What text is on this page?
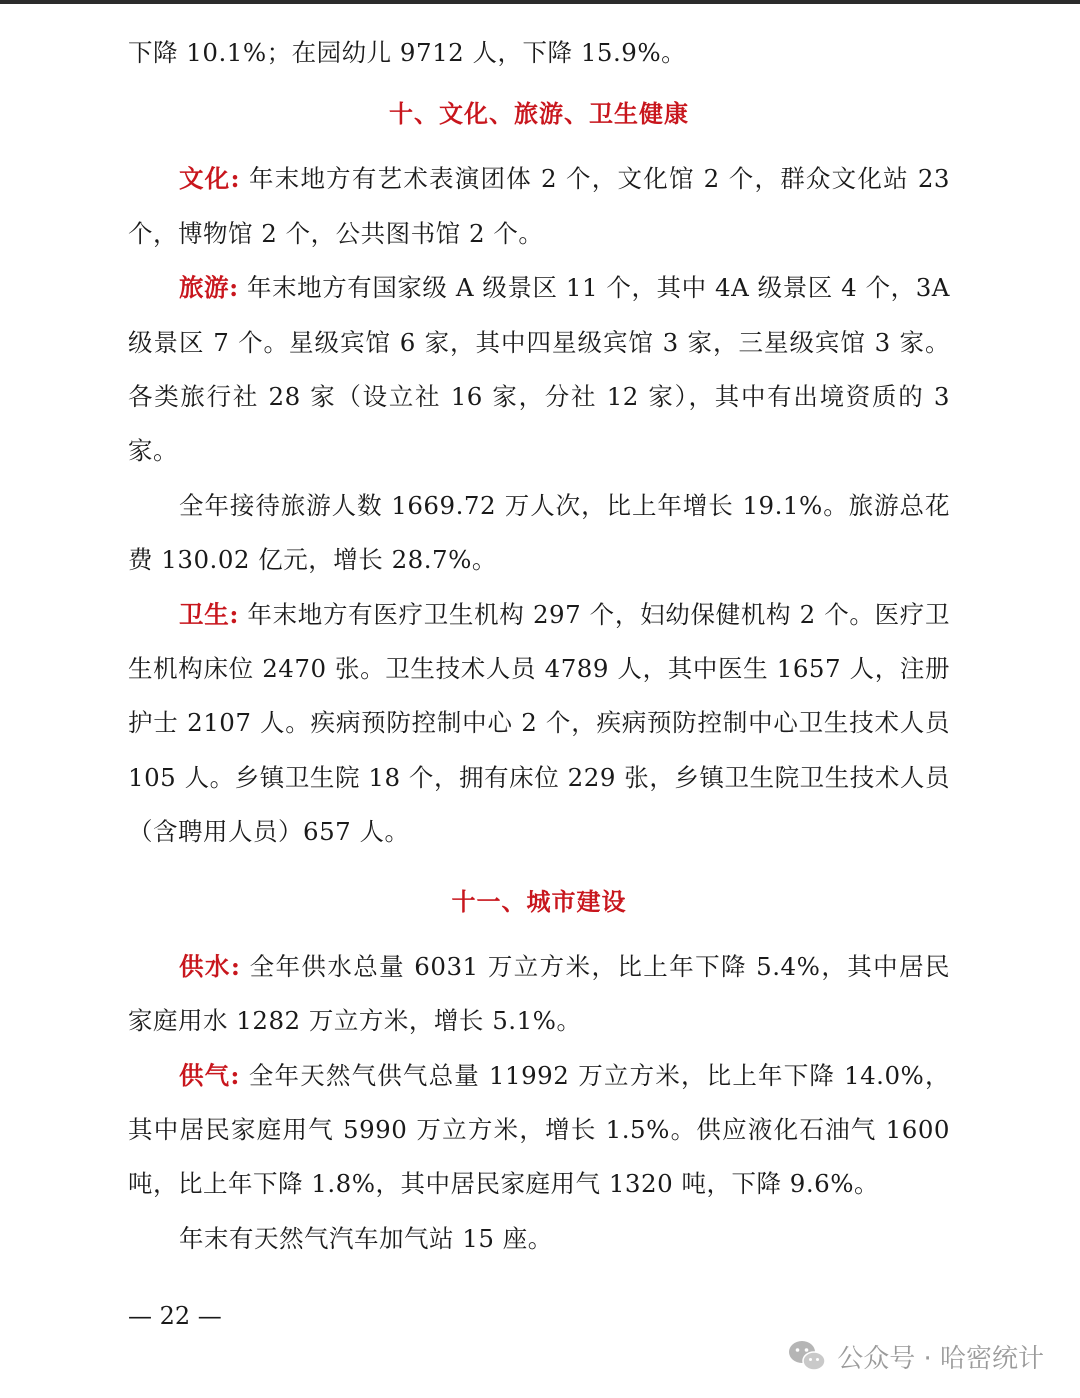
下降 10.1%；在园幼儿 9712 人，下降 15.9%。

十、文化、旅游、卫生健康

文化: 年末地方有艺术表演团体 2 个，文化馆 2 个，群众文化站 23 个，博物馆 2 个，公共图书馆 2 个。

旅游: 年末地方有国家级 A 级景区 11 个，其中 4A 级景区 4 个，3A 级景区 7 个。星级宾馆 6 家，其中四星级宾馆 3 家，三星级宾馆 3 家。各类旅行社 28 家（设立社 16 家，分社 12 家），其中有出境资质的 3 家。

全年接待旅游人数 1669.72 万人次，比上年增长 19.1%。旅游总花费 130.02 亿元，增长 28.7%。

卫生: 年末地方有医疗卫生机构 297 个，妇幼保健机构 2 个。医疗卫生机构床位 2470 张。卫生技术人员 4789 人，其中医生 1657 人，注册护士 2107 人。疾病预防控制中心 2 个，疾病预防控制中心卫生技术人员 105 人。乡镇卫生院 18 个，拥有床位 229 张，乡镇卫生院卫生技术人员（含聘用人员）657 人。

十一、城市建设

供水: 全年供水总量 6031 万立方米，比上年下降 5.4%，其中居民家庭用水 1282 万立方米，增长 5.1%。

供气: 全年天然气供气总量 11992 万立方米，比上年下降 14.0%，其中居民家庭用气 5990 万立方米，增长 1.5%。供应液化石油气 1600 吨，比上年下降 1.8%，其中居民家庭用气 1320 吨，下降 9.6%。

年末有天然气汽车加气站 15 座。

— 22 —
公众号 · 哈密统计
